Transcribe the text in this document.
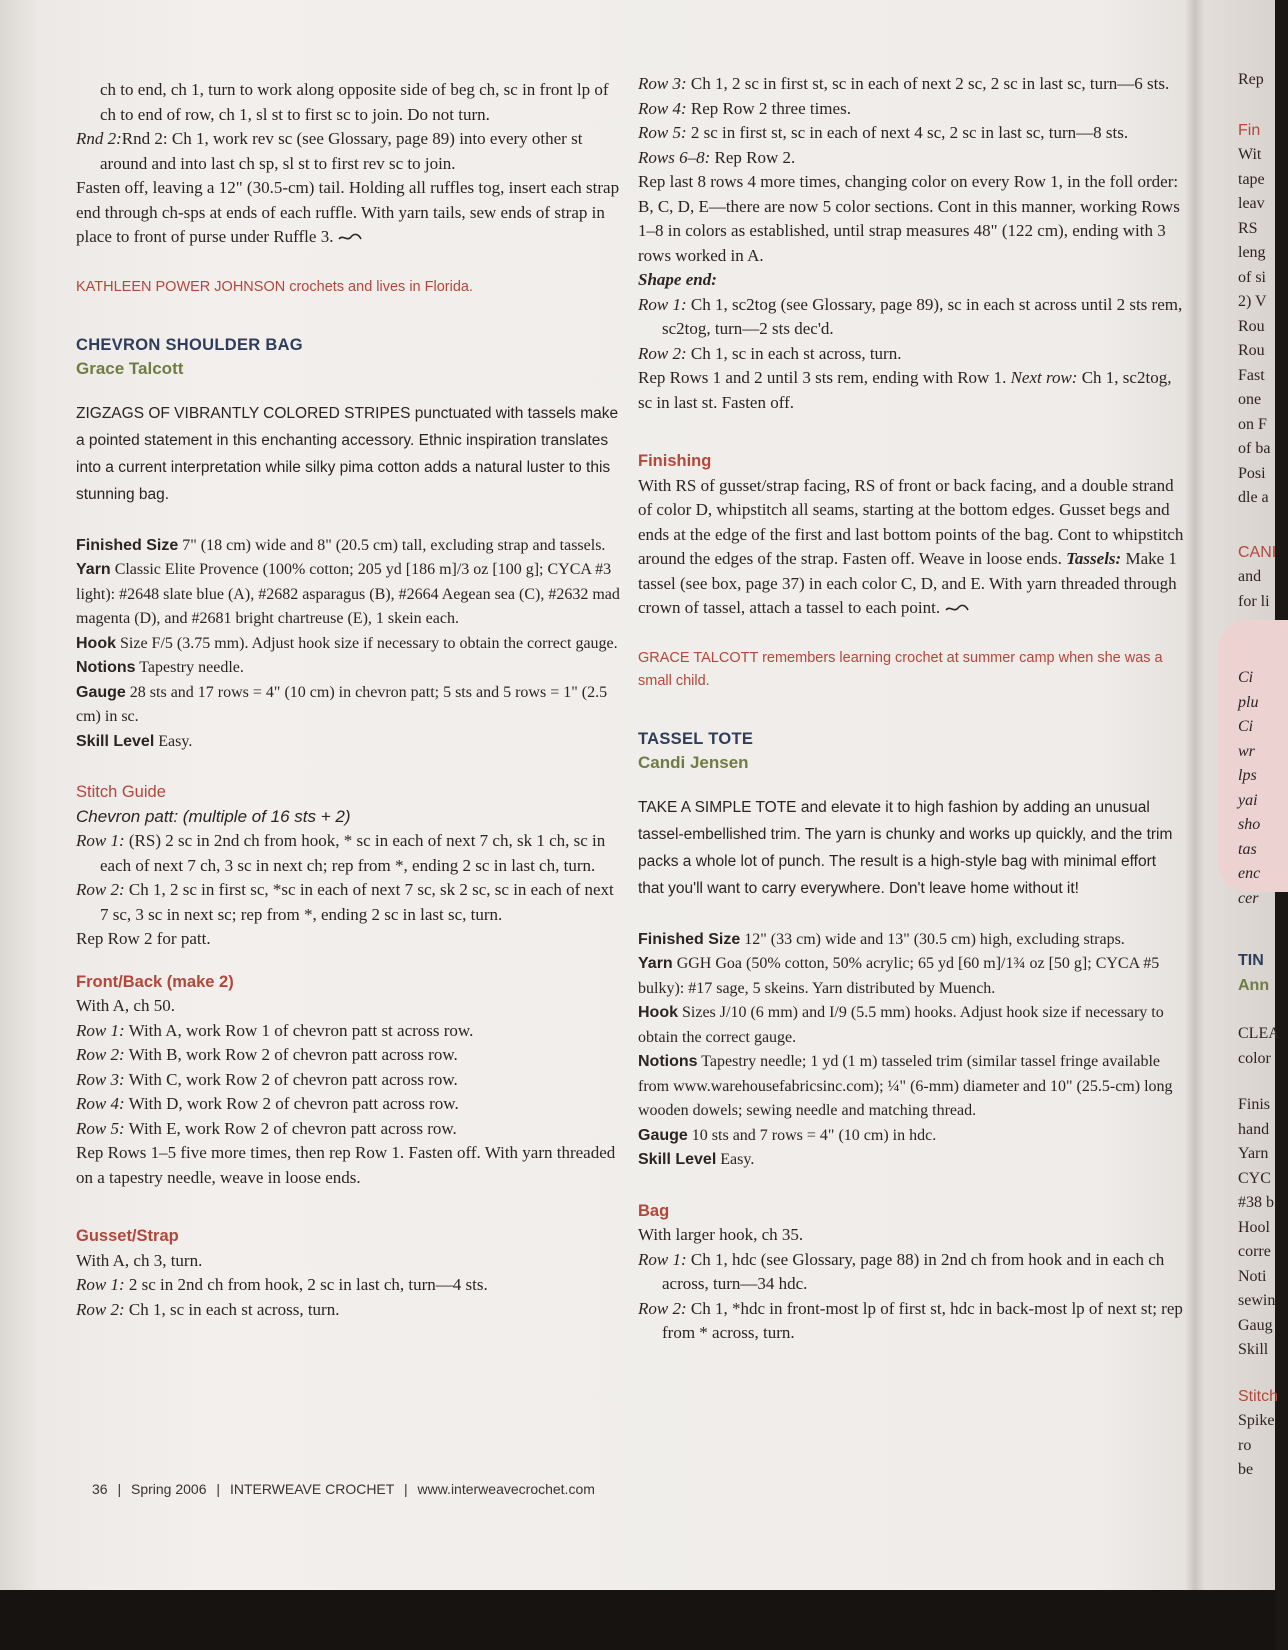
ch to end, ch 1, turn to work along opposite side of beg ch, sc in front lp of ch to end of row, ch 1, sl st to first sc to join. Do not turn.

Rnd 2:Rnd 2: Ch 1, work rev sc (see Glossary, page 89) into every other st around and into last ch sp, sl st to first rev sc to join.

Fasten off, leaving a 12" (30.5-cm) tail. Holding all ruffles tog, insert each strap end through ch-sps at ends of each ruffle. With yarn tails, sew ends of strap in place to front of purse under Ruffle 3.

KATHLEEN POWER JOHNSON crochets and lives in Florida.

CHEVRON SHOULDER BAG

Grace Talcott

ZIGZAGS OF VIBRANTLY COLORED STRIPES punctuated with tassels make a pointed statement in this enchanting accessory. Ethnic inspiration translates into a current interpretation while silky pima cotton adds a natural luster to this stunning bag.

Finished Size 7" (18 cm) wide and 8" (20.5 cm) tall, excluding strap and tassels.

Yarn Classic Elite Provence (100% cotton; 205 yd [186 m]/3 oz [100 g]; CYCA #3 light): #2648 slate blue (A), #2682 asparagus (B), #2664 Aegean sea (C), #2632 mad magenta (D), and #2681 bright chartreuse (E), 1 skein each.

Hook Size F/5 (3.75 mm). Adjust hook size if necessary to obtain the correct gauge.

Notions Tapestry needle.

Gauge 28 sts and 17 rows = 4" (10 cm) in chevron patt; 5 sts and 5 rows = 1" (2.5 cm) in sc.

Skill Level Easy.

Stitch Guide

Chevron patt: (multiple of 16 sts + 2)

Row 1: (RS) 2 sc in 2nd ch from hook, * sc in each of next 7 ch, sk 1 ch, sc in each of next 7 ch, 3 sc in next ch; rep from *, ending 2 sc in last ch, turn.

Row 2: Ch 1, 2 sc in first sc, *sc in each of next 7 sc, sk 2 sc, sc in each of next 7 sc, 3 sc in next sc; rep from *, ending 2 sc in last sc, turn.

Rep Row 2 for patt.

Front/Back (make 2)

With A, ch 50.

Row 1: With A, work Row 1 of chevron patt st across row.

Row 2: With B, work Row 2 of chevron patt across row.

Row 3: With C, work Row 2 of chevron patt across row.

Row 4: With D, work Row 2 of chevron patt across row.

Row 5: With E, work Row 2 of chevron patt across row.

Rep Rows 1–5 five more times, then rep Row 1. Fasten off. With yarn threaded on a tapestry needle, weave in loose ends.

Gusset/Strap

With A, ch 3, turn.

Row 1: 2 sc in 2nd ch from hook, 2 sc in last ch, turn—4 sts.

Row 2: Ch 1, sc in each st across, turn.

Row 3: Ch 1, 2 sc in first st, sc in each of next 2 sc, 2 sc in last sc, turn—6 sts.

Row 4: Rep Row 2 three times.

Row 5: 2 sc in first st, sc in each of next 4 sc, 2 sc in last sc, turn—8 sts.

Rows 6–8: Rep Row 2.

Rep last 8 rows 4 more times, changing color on every Row 1, in the foll order: B, C, D, E—there are now 5 color sections. Cont in this manner, working Rows 1–8 in colors as established, until strap measures 48" (122 cm), ending with 3 rows worked in A.

Shape end:

Row 1: Ch 1, sc2tog (see Glossary, page 89), sc in each st across until 2 sts rem, sc2tog, turn—2 sts dec'd.

Row 2: Ch 1, sc in each st across, turn.

Rep Rows 1 and 2 until 3 sts rem, ending with Row 1. Next row: Ch 1, sc2tog, sc in last st. Fasten off.

Finishing

With RS of gusset/strap facing, RS of front or back facing, and a double strand of color D, whipstitch all seams, starting at the bottom edges. Gusset begs and ends at the edge of the first and last bottom points of the bag. Cont to whipstitch around the edges of the strap. Fasten off. Weave in loose ends. Tassels: Make 1 tassel (see box, page 37) in each color C, D, and E. With yarn threaded through crown of tassel, attach a tassel to each point.

GRACE TALCOTT remembers learning crochet at summer camp when she was a small child.

TASSEL TOTE

Candi Jensen

TAKE A SIMPLE TOTE and elevate it to high fashion by adding an unusual tassel-embellished trim. The yarn is chunky and works up quickly, and the trim packs a whole lot of punch. The result is a high-style bag with minimal effort that you'll want to carry everywhere. Don't leave home without it!

Finished Size 12" (33 cm) wide and 13" (30.5 cm) high, excluding straps.

Yarn GGH Goa (50% cotton, 50% acrylic; 65 yd [60 m]/1¾ oz [50 g]; CYCA #5 bulky): #17 sage, 5 skeins. Yarn distributed by Muench.

Hook Sizes J/10 (6 mm) and I/9 (5.5 mm) hooks. Adjust hook size if necessary to obtain the correct gauge.

Notions Tapestry needle; 1 yd (1 m) tasseled trim (similar tassel fringe available from www.warehousefabricsinc.com); ¼" (6-mm) diameter and 10" (25.5-cm) long wooden dowels; sewing needle and matching thread.

Gauge 10 sts and 7 rows = 4" (10 cm) in hdc.

Skill Level Easy.

Bag

With larger hook, ch 35.

Row 1: Ch 1, hdc (see Glossary, page 88) in 2nd ch from hook and in each ch across, turn—34 hdc.

Row 2: Ch 1, *hdc in front-most lp of first st, hdc in back-most lp of next st; rep from * across, turn.

Rep

Fin

Wit

tape

leav

RS

leng

of si

2) V

Rou

Rou

Fast

one

on F

of ba

Posi

dle a

CANI

and

for li

Ci

plu

Ci

wr

lps

yai

sho

tas

enc

cer

TIN

Ann

CLEA

color

Finis

hand

Yarn

CYC

#38 b

Hool

corre

Noti

sewin

Gaug

Skill

Stitch

Spike

ro

be

36 | Spring 2006 | INTERWEAVE CROCHET | www.interweavecrochet.com
